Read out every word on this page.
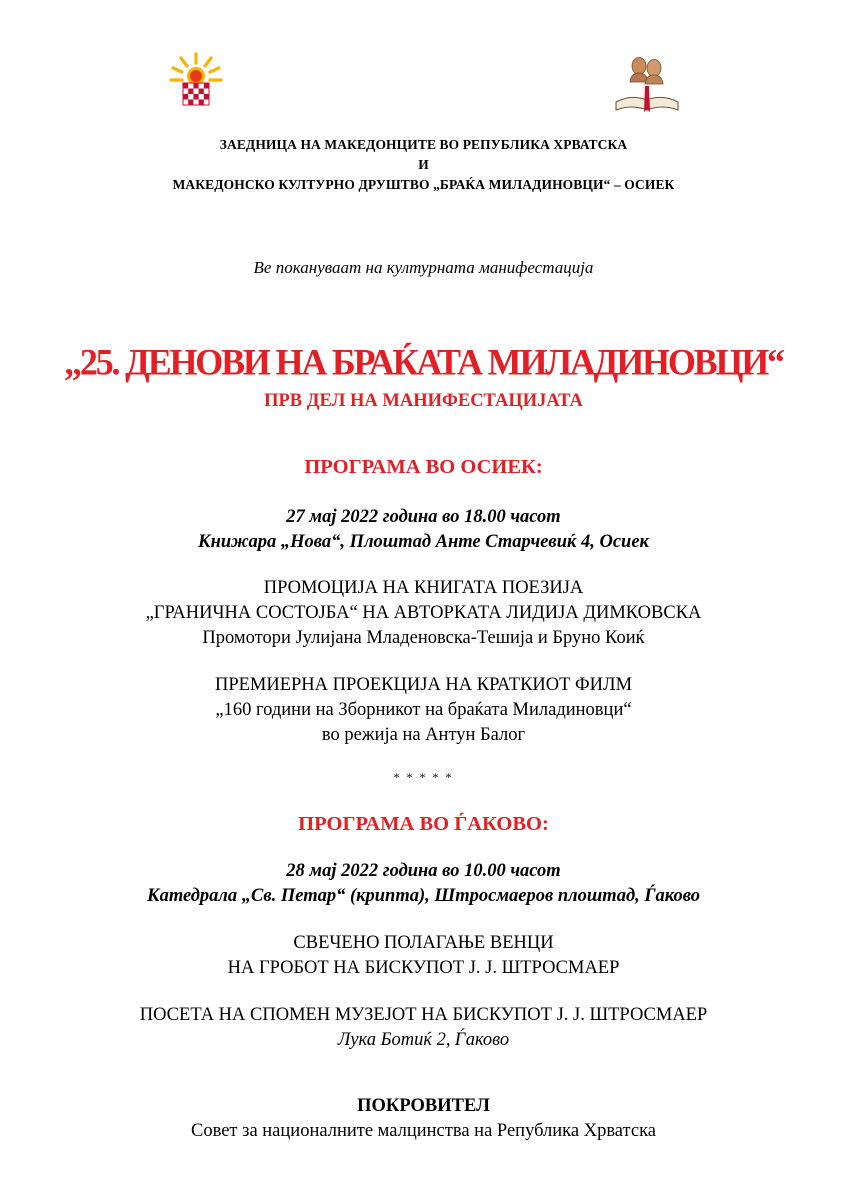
ЗАЕДНИЦА НА МАКЕДОНЦИТЕ ВО РЕПУБЛИКА ХРВАТСКА
И
МАКЕДОНСКО КУЛТУРНО ДРУШТВО „БРАЌА МИЛАДИНОВЦИ“ – ОСИЕК
Ве покануваат на културната манифестација
„25. ДЕНОВИ НА БРАЌАТА МИЛАДИНОВЦИ“
ПРВ ДЕЛ НА МАНИФЕСТАЦИЈАТА
ПРОГРАМА ВО ОСИЕК:
27 мај 2022 година во 18.00 часот
Книжара „Нова“, Плоштад Анте Старчевиќ 4, Осиек
ПРОМОЦИЈА НА КНИГАТА ПОЕЗИЈА
„ГРАНИЧНА СОСТОЈБА“ НА АВТОРКАТА ЛИДИЈА ДИМКОВСКА
Промотори Јулијана Младеновска-Тешија и Бруно Коиќ
ПРЕМИЕРНА ПРОЕКЦИЈА НА КРАТКИОТ ФИЛМ
„160 години на Зборникот на браќата Миладиновци“
во режија на Антун Балог
* * * * *
ПРОГРАМА ВО ЃАКОВО:
28 мај 2022 година во 10.00 часот
Катедрала „Св. Петар“ (крипта), Штросмаеров плоштад, Ѓаково
СВЕЧЕНО ПОЛАГАЊЕ ВЕНЦИ
НА ГРОБОТ НА БИСКУПОТ Ј. Ј. ШТРОСМАЕР
ПОСЕТА НА СПОМЕН МУЗЕЈОТ НА БИСКУПОТ Ј. Ј. ШТРОСМАЕР
Лука Ботиќ 2, Ѓаково
ПОКРОВИТЕЛ
Совет за националните малцинства на Република Хрватска
